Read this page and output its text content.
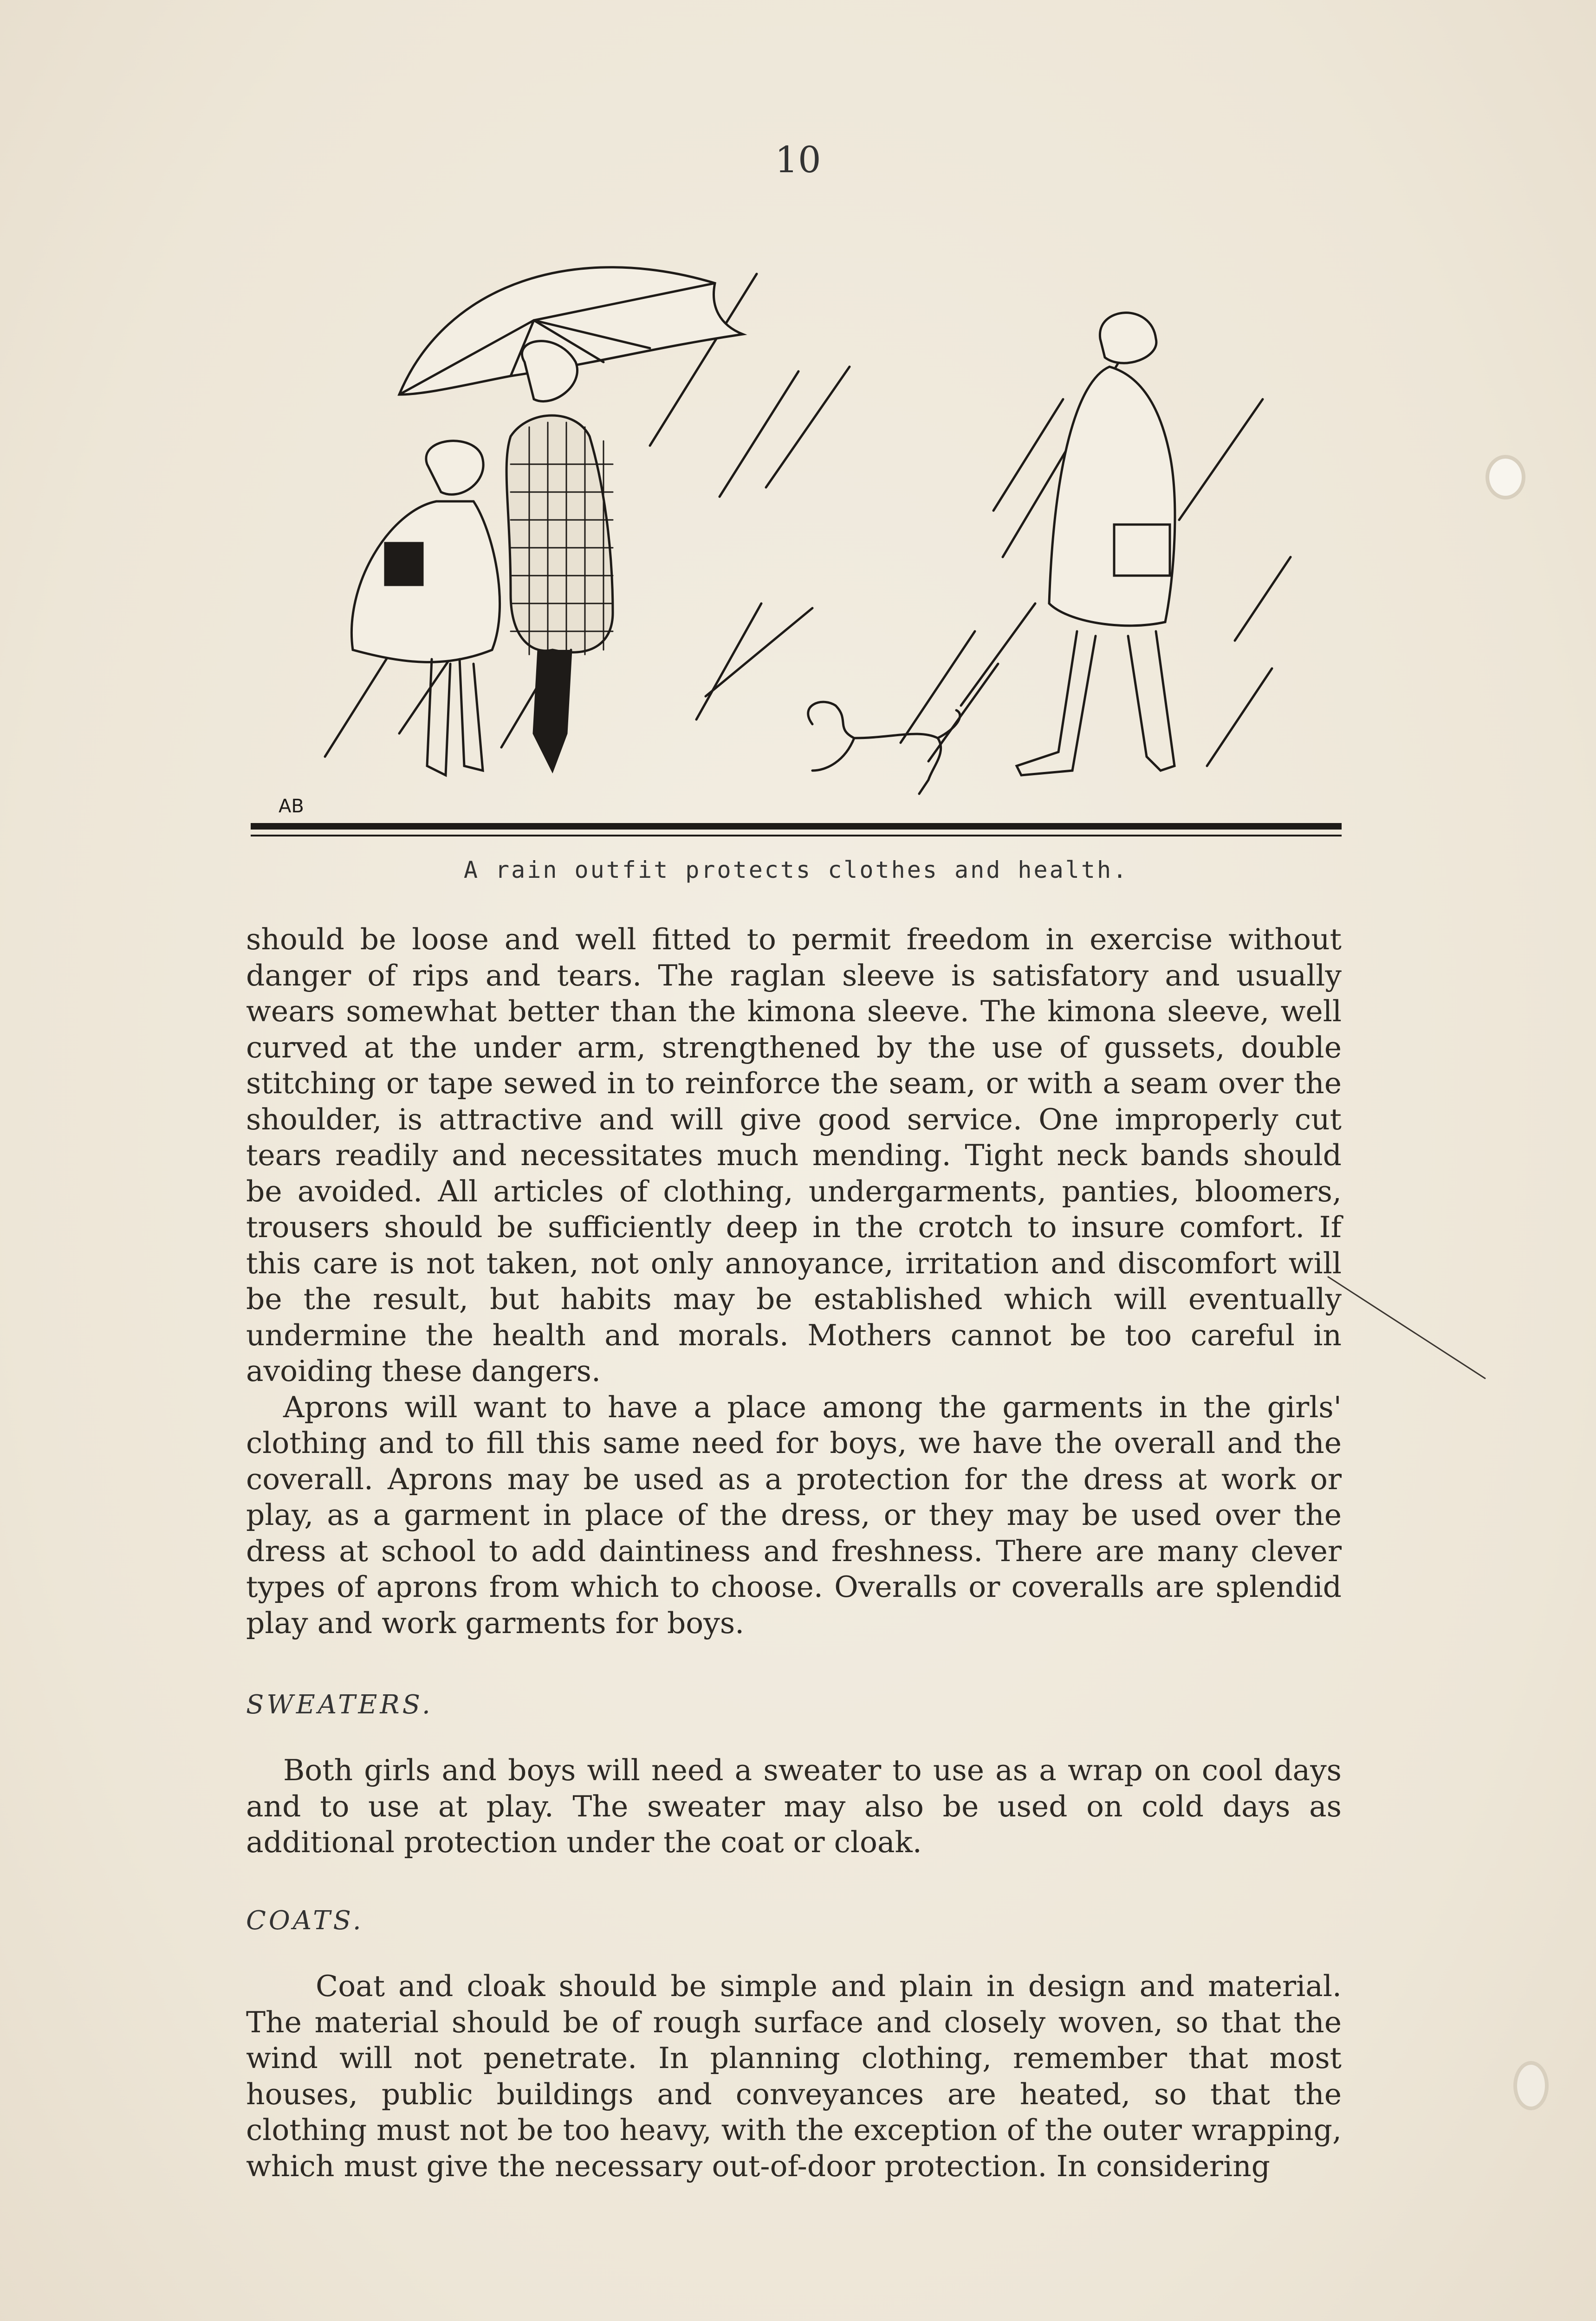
10
AB
A rain outfit protects clothes and health.

should be loose and well fitted to permit freedom in exercise without danger of rips and tears. The raglan sleeve is satisfatory and usually wears somewhat better than the kimona sleeve. The kimona sleeve, well curved at the under arm, strengthened by the use of gussets, double stitching or tape sewed in to reinforce the seam, or with a seam over the shoulder, is attractive and will give good service. One improperly cut tears readily and necessitates much mending. Tight neck bands should be avoided. All articles of clothing, undergarments, panties, bloomers, trousers should be sufficiently deep in the crotch to insure comfort. If this care is not taken, not only annoyance, irritation and discomfort will be the result, but habits may be established which will eventually undermine the health and morals. Mothers cannot be too careful in avoiding these dangers.

Aprons will want to have a place among the garments in the girls' clothing and to fill this same need for boys, we have the overall and the coverall. Aprons may be used as a protection for the dress at work or play, as a garment in place of the dress, or they may be used over the dress at school to add daintiness and freshness. There are many clever types of aprons from which to choose. Overalls or coveralls are splendid play and work garments for boys.

SWEATERS.

Both girls and boys will need a sweater to use as a wrap on cool days and to use at play. The sweater may also be used on cold days as additional protection under the coat or cloak.

COATS.

Coat and cloak should be simple and plain in design and material. The material should be of rough surface and closely woven, so that the wind will not penetrate. In planning clothing, remember that most houses, public buildings and conveyances are heated, so that the clothing must not be too heavy, with the exception of the outer wrapping, which must give the necessary out-of-door protection. In considering
